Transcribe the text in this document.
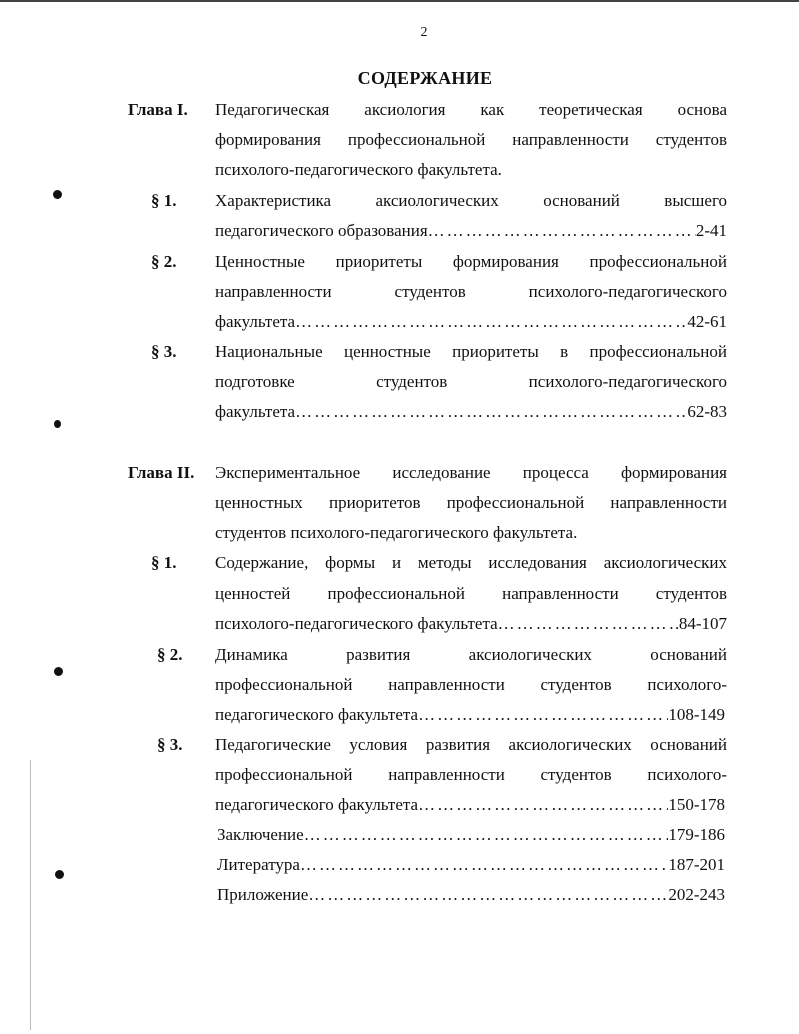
2
СОДЕРЖАНИЕ
Глава I. Педагогическая аксиология как теоретическая основа
формирования профессиональной направленности студентов
психолого-педагогического факультета.
§ 1. Характеристика аксиологических оснований высшего
педагогического образования ……………………………………………………………………………………………………………………	2-41
§ 2. Ценностные приоритеты формирования профессиональной
направленности студентов психолого-педагогического
факультета ……………………………………………………………………………………………………………………	42-61
§ 3. Национальные ценностные приоритеты в профессиональной
подготовке студентов психолого-педагогического
факультета ……………………………………………………………………………………………………………………	62-83
Глава II. Экспериментальное исследование процесса формирования
ценностных приоритетов профессиональной направленности
студентов психолого-педагогического факультета.
§ 1. Содержание, формы и методы исследования аксиологических
ценностей профессиональной направленности студентов
психолого-педагогического факультета ……………………………………………………………………………………………………………………	84-107
§ 2. Динамика развития аксиологических оснований
профессиональной направленности студентов психолого-
педагогического факультета ……………………………………………………………………………………………………………………	108-149
§ 3. Педагогические условия развития аксиологических оснований
профессиональной направленности студентов психолого-
педагогического факультета ……………………………………………………………………………………………………………………	150-178
Заключение ……………………………………………………………………………………………………………………	179-186
Литература ……………………………………………………………………………………………………………………	187-201
Приложение ……………………………………………………………………………………………………………………	202-243
